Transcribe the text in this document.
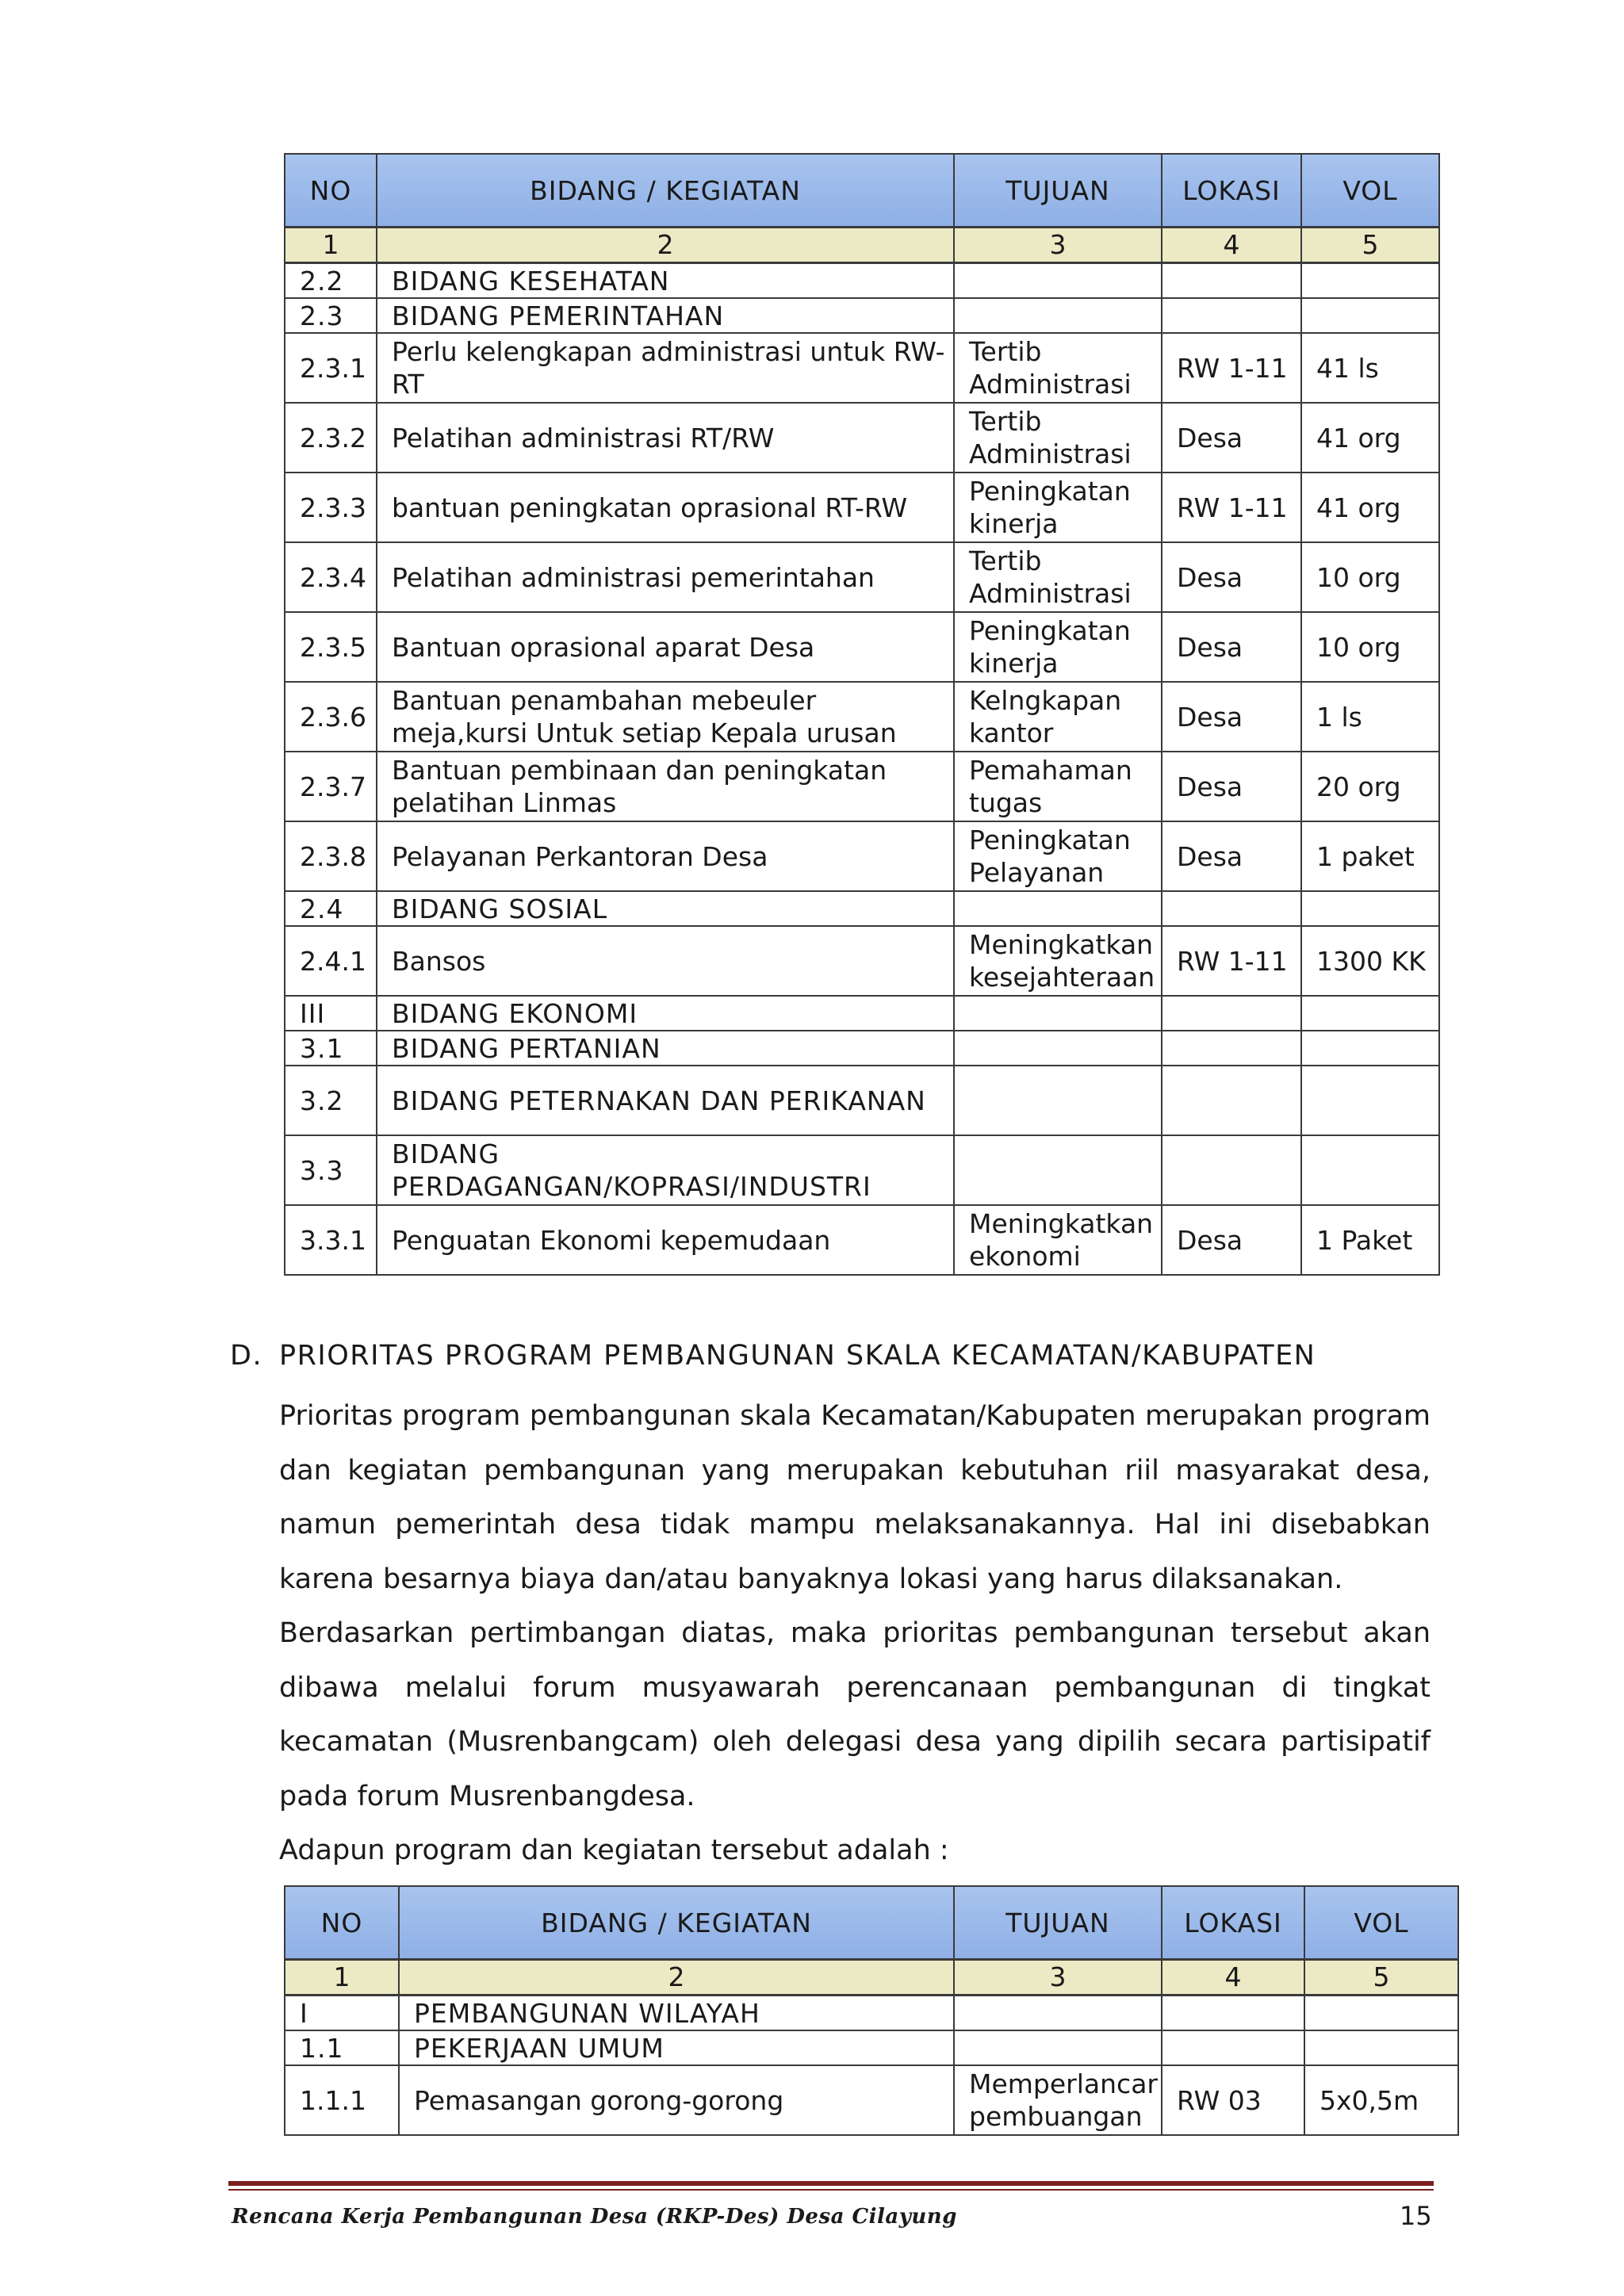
NO	BIDANG / KEGIATAN	TUJUAN	LOKASI	VOL
1	2	3	4	5
2.2	BIDANG KESEHATAN			
2.3	BIDANG PEMERINTAHAN			
2.3.1	Perlu kelengkapan administrasi untuk RW-RT	Tertib Administrasi	RW 1-11	41 ls
2.3.2	Pelatihan administrasi RT/RW	Tertib Administrasi	Desa	41 org
2.3.3	bantuan peningkatan oprasional RT-RW	Peningkatan kinerja	RW 1-11	41 org
2.3.4	Pelatihan administrasi pemerintahan	Tertib Administrasi	Desa	10 org
2.3.5	Bantuan oprasional aparat Desa	Peningkatan kinerja	Desa	10 org
2.3.6	Bantuan penambahan mebeuler meja,kursi Untuk setiap Kepala urusan	Kelngkapan kantor	Desa	1 ls
2.3.7	Bantuan pembinaan dan peningkatan pelatihan Linmas	Pemahaman tugas	Desa	20 org
2.3.8	Pelayanan Perkantoran Desa	Peningkatan Pelayanan	Desa	1 paket
2.4	BIDANG SOSIAL			
2.4.1	Bansos	Meningkatkan kesejahteraan	RW 1-11	1300 KK
III	BIDANG EKONOMI			
3.1	BIDANG PERTANIAN			
3.2	BIDANG PETERNAKAN DAN PERIKANAN			
3.3	BIDANG PERDAGANGAN/KOPRASI/INDUSTRI			
3.3.1	Penguatan Ekonomi kepemudaan	Meningkatkan ekonomi	Desa	1 Paket
D. PRIORITAS PROGRAM PEMBANGUNAN SKALA KECAMATAN/KABUPATEN

Prioritas program pembangunan skala Kecamatan/Kabupaten merupakan program dan kegiatan pembangunan yang merupakan kebutuhan riil masyarakat desa, namun pemerintah desa tidak mampu melaksanakannya. Hal ini disebabkan karena besarnya biaya dan/atau banyaknya lokasi yang harus dilaksanakan.

Berdasarkan pertimbangan diatas, maka prioritas pembangunan tersebut akan dibawa melalui forum musyawarah perencanaan pembangunan di tingkat kecamatan (Musrenbangcam) oleh delegasi desa yang dipilih secara partisipatif pada forum Musrenbangdesa.

Adapun program dan kegiatan tersebut adalah :

NO	BIDANG / KEGIATAN	TUJUAN	LOKASI	VOL
1	2	3	4	5
I	PEMBANGUNAN WILAYAH			
1.1	PEKERJAAN UMUM			
1.1.1	Pemasangan gorong-gorong	Memperlancar pembuangan	RW 03	5x0,5m
Rencana Kerja Pembangunan Desa (RKP-Des) Desa Cilayung	15
